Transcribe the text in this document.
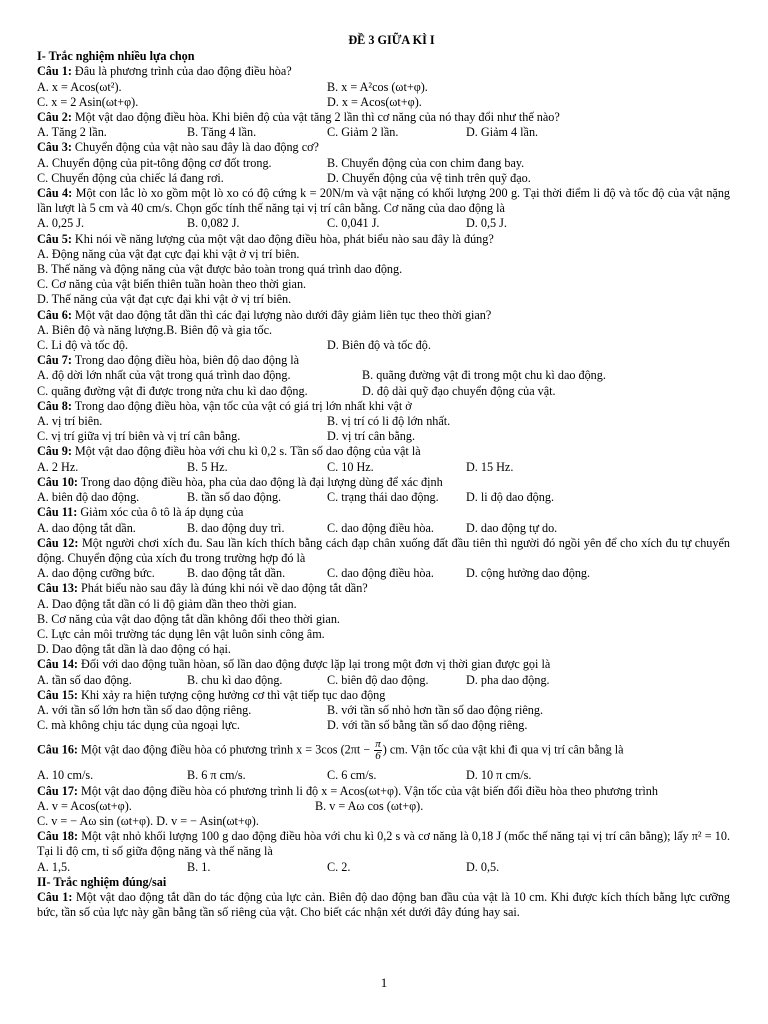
ĐỀ 3 GIỮA KÌ I
I- Trắc nghiệm nhiều lựa chọn
Câu 1: Đâu là phương trình của dao động điều hòa?
A. x = Acos(ωt²).	B. x = A²cos (ωt+φ).
C. x = 2 Asin(ωt+φ).	D. x = Acos(ωt+φ).
Câu 2: Một vật dao động điều hòa. Khi biên độ của vật tăng 2 lần thì cơ năng của nó thay đổi như thế nào?
A. Tăng 2 lần.	B. Tăng 4 lần.	C. Giảm 2 lần.	D. Giảm 4 lần.
Câu 3: Chuyển động của vật nào sau đây là dao động cơ?
A. Chuyển động của pit-tông động cơ đốt trong.	B. Chuyển động của con chim đang bay.
C. Chuyển động của chiếc lá đang rơi.	D. Chuyển động của vệ tinh trên quỹ đạo.
Câu 4: Một con lắc lò xo gồm một lò xo có độ cứng k = 20N/m và vật nặng có khối lượng 200 g. Tại thời điểm li độ và tốc độ của vật nặng lần lượt là 5 cm và 40 cm/s. Chọn gốc tính thế năng tại vị trí cân bằng. Cơ năng của dao động là
A. 0,25 J.	B. 0,082 J.	C. 0,041 J.	D. 0,5 J.
Câu 5: Khi nói về năng lượng của một vật dao động điều hòa, phát biểu nào sau đây là đúng?
A. Động năng của vật đạt cực đại khi vật ở vị trí biên.
B. Thế năng và động năng của vật được bảo toàn trong quá trình dao động.
C. Cơ năng của vật biến thiên tuần hoàn theo thời gian.
D. Thế năng của vật đạt cực đại khi vật ở vị trí biên.
Câu 6: Một vật dao động tắt dần thì các đại lượng nào dưới đây giảm liên tục theo thời gian?
A. Biên độ và năng lượng.B. Biên độ và gia tốc.
C. Li độ và tốc độ.	D. Biên độ và tốc độ.
Câu 7: Trong dao động điều hòa, biên độ dao động là
A. độ dời lớn nhất của vật trong quá trình dao động.	B. quãng đường vật đi trong một chu kì dao động.
C. quãng đường vật đi được trong nửa chu kì dao động.	D. độ dài quỹ đạo chuyển động của vật.
Câu 8: Trong dao động điều hòa, vận tốc của vật có giá trị lớn nhất khi vật ở
A. vị trí biên.	B. vị trí có li độ lớn nhất.
C. vị trí giữa vị trí biên và vị trí cân bằng.	D. vị trí cân bằng.
Câu 9: Một vật dao động điều hòa với chu kì 0,2 s. Tần số dao động của vật là
A. 2 Hz.	B. 5 Hz.	C. 10 Hz.	D. 15 Hz.
Câu 10: Trong dao động điều hòa, pha của dao động là đại lượng dùng để xác định
A. biên độ dao động.	B. tần số dao động.	C. trạng thái dao động.	D. li độ dao động.
Câu 11: Giảm xóc của ô tô là áp dụng của
A. dao động tắt dần.	B. dao động duy trì.	C. dao động điều hòa.	D. dao động tự do.
Câu 12: Một người chơi xích đu. Sau lần kích thích bằng cách đạp chân xuống đất đầu tiên thì người đó ngồi yên để cho xích đu tự chuyển động. Chuyển động của xích đu trong trường hợp đó là
A. dao động cưỡng bức.	B. dao động tắt dần.	C. dao động điều hòa.	D. cộng hưởng dao động.
Câu 13: Phát biểu nào sau đây là đúng khi nói về dao động tắt dần?
A. Dao động tắt dần có li độ giảm dần theo thời gian.
B. Cơ năng của vật dao động tắt dần không đổi theo thời gian.
C. Lực cản môi trường tác dụng lên vật luôn sinh công âm.
D. Dao động tắt dần là dao động có hại.
Câu 14: Đối với dao động tuần hòan, số lần dao động được lặp lại trong một đơn vị thời gian được gọi là
A. tần số dao động.	B. chu kì dao động.	C. biên độ dao động.	D. pha dao động.
Câu 15: Khi xảy ra hiện tượng cộng hưởng cơ thì vật tiếp tục dao động
A. với tần số lớn hơn tần số dao động riêng.	B. với tần số nhỏ hơn tần số dao động riêng.
C. mà không chịu tác dụng của ngoại lực.	D. với tần số bằng tần số dao động riêng.
Câu 16: Một vật dao động điều hòa có phương trình x = 3cos ($2\pi t - \frac{\pi}{6}$ ) cm. Vận tốc của vật khi đi qua vị trí cân bằng là
A. 10 cm/s.	B. 6 π cm/s.	C. 6 cm/s.	D. 10 π cm/s.
Câu 17: Một vật dao động điều hòa có phương trình li độ x = Acos(ωt+φ). Vận tốc của vật biến đổi điều hòa theo phương trình
A. v = Acos(ωt+φ).	B. v = Aω cos (ωt+φ).
C. v = − Aω sin (ωt+φ). D. v = − Asin(ωt+φ).
Câu 18: Một vật nhỏ khối lượng 100 g dao động điều hòa với chu kì 0,2 s và cơ năng là 0,18 J (mốc thế năng tại vị trí cân bằng); lấy π² = 10. Tại li độ cm, tỉ số giữa động năng và thế năng là
A. 1,5.	B. 1.	C. 2.	D. 0,5.
II- Trắc nghiệm đúng/sai
Câu 1: Một vật dao động tắt dần do tác động của lực cản. Biên độ dao động ban đầu của vật là 10 cm. Khi được kích thích bằng lực cưỡng bức, tần số của lực này gần bằng tần số riêng của vật. Cho biết các nhận xét dưới đây đúng hay sai.
1
